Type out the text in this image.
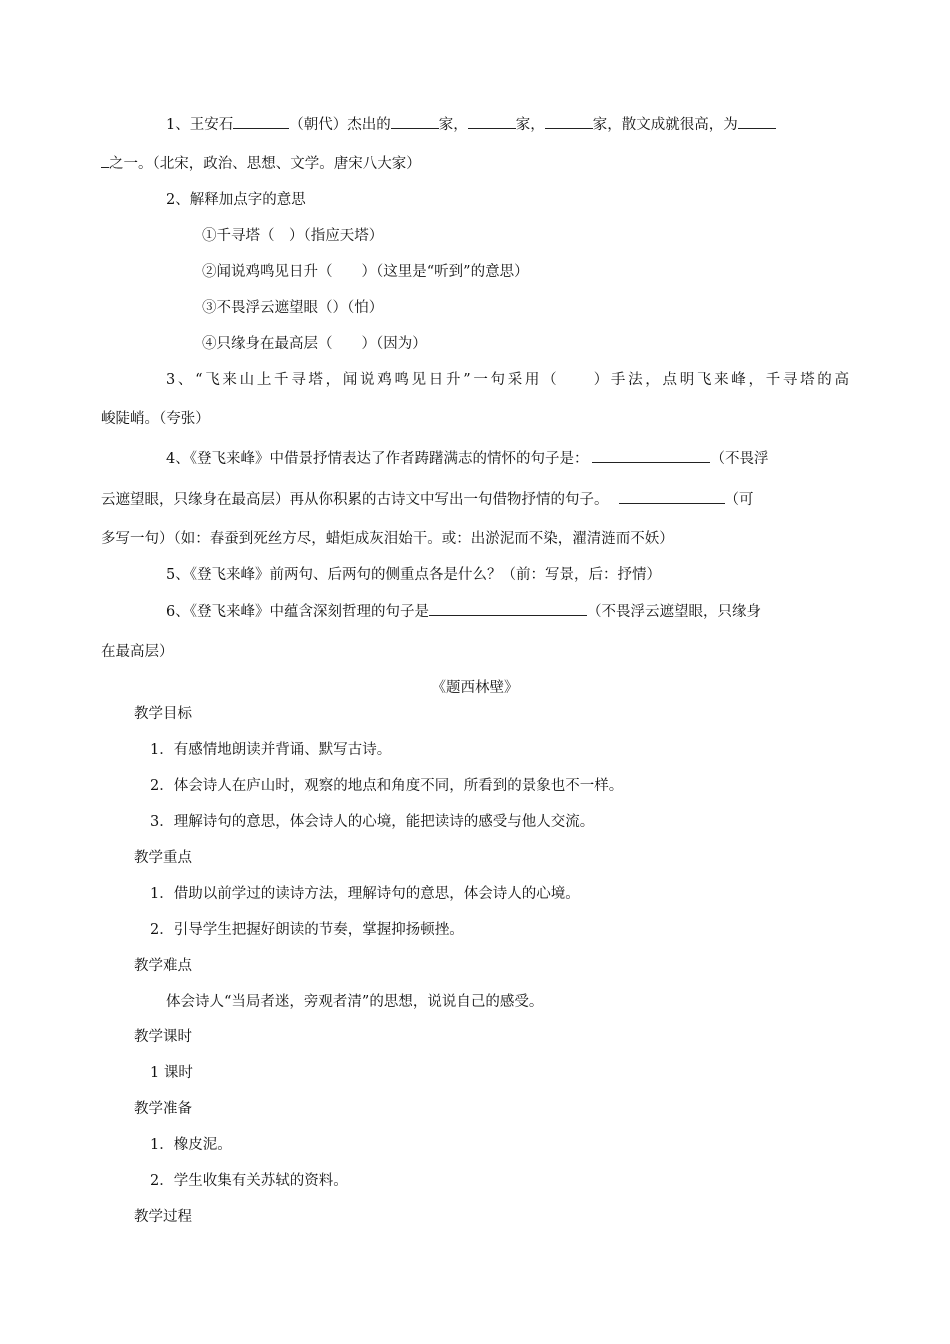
1、王安石	（朝代）杰出的	家，	家，	家，散文成就很高，为
之一。（北宋，政治、思想、文学。唐宋八大家）
2、解释加点字的意思
①千寻塔（　）（指应天塔）
②闻说鸡鸣见日升（　　）（这里是“听到”的意思）
③不畏浮云遮望眼（）（怕）
④只缘身在最高层（　　）（因为）
3、“飞来山上千寻塔，闻说鸡鸣见日升”一句采用（　　）手法，点明飞来峰，千寻塔的高
峻陡峭。（夸张）
4、《登飞来峰》中借景抒情表达了作者踌躇满志的情怀的句子是：	（不畏浮
云遮望眼，只缘身在最高层）再从你积累的古诗文中写出一句借物抒情的句子。	（可
多写一句）（如：春蚕到死丝方尽，蜡炬成灰泪始干。或：出淤泥而不染，濯清涟而不妖）
5、《登飞来峰》前两句、后两句的侧重点各是什么？（前：写景，后：抒情）
6、《登飞来峰》中蕴含深刻哲理的句子是	（不畏浮云遮望眼，只缘身
在最高层）
《题西林壁》
教学目标
1．有感情地朗读并背诵、默写古诗。
2．体会诗人在庐山时，观察的地点和角度不同，所看到的景象也不一样。
3．理解诗句的意思，体会诗人的心境，能把读诗的感受与他人交流。
教学重点
1．借助以前学过的读诗方法，理解诗句的意思，体会诗人的心境。
2．引导学生把握好朗读的节奏，掌握抑扬顿挫。
教学难点
体会诗人“当局者迷，旁观者清”的思想，说说自己的感受。
教学课时
1 课时
教学准备
1．橡皮泥。
2．学生收集有关苏轼的资料。
教学过程
